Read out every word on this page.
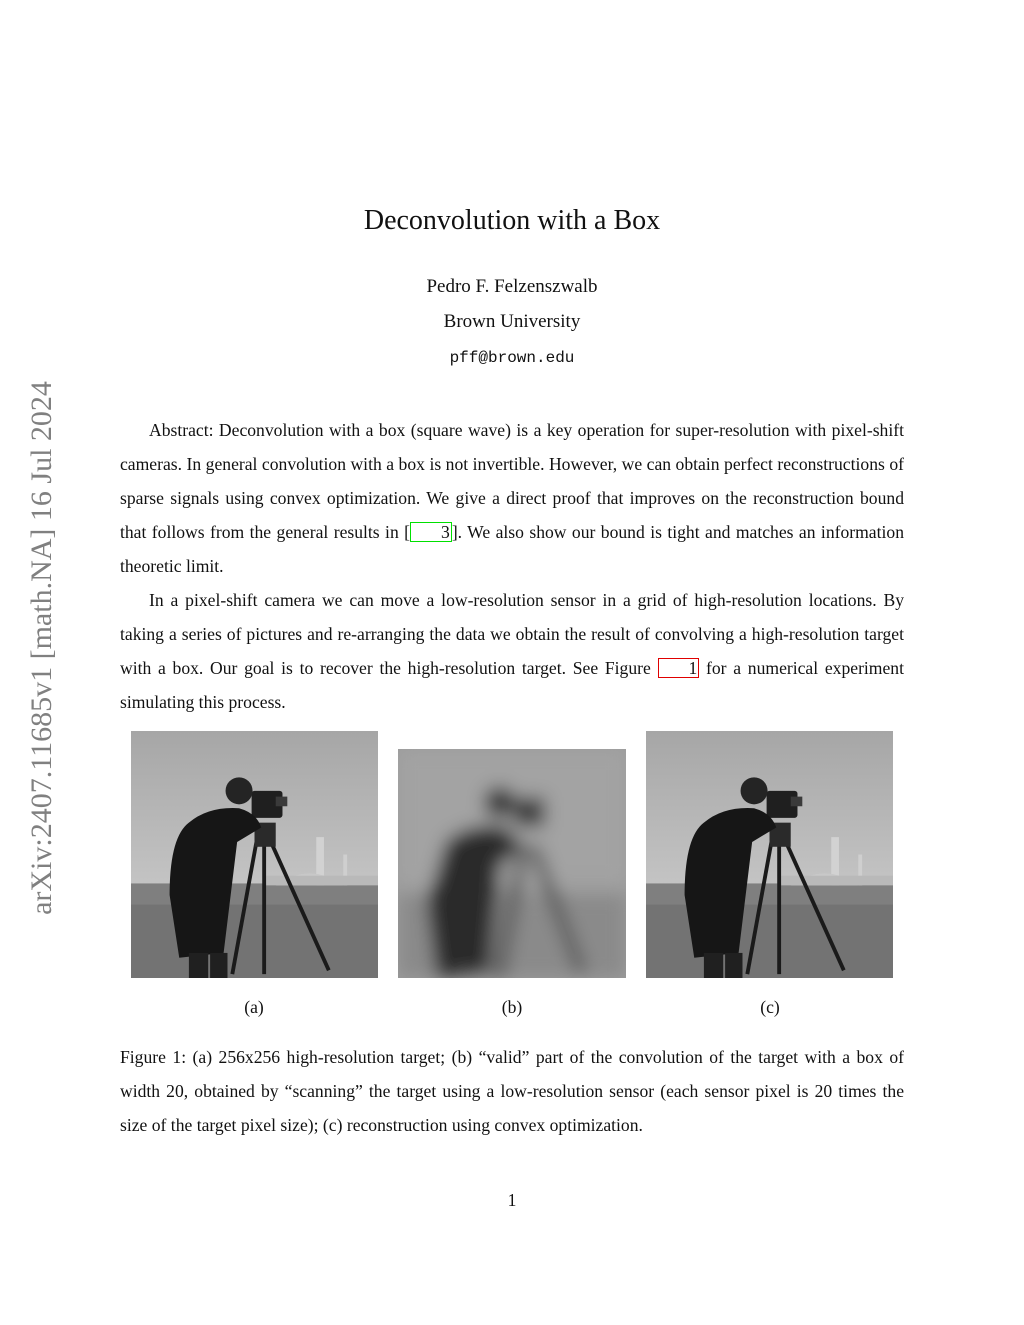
arXiv:2407.11685v1 [math.NA] 16 Jul 2024
Deconvolution with a Box
Pedro F. Felzenszwalb
Brown University
pff@brown.edu

Abstract: Deconvolution with a box (square wave) is a key operation for super-resolution with pixel-shift cameras. In general convolution with a box is not invertible. However, we can obtain perfect reconstructions of sparse signals using convex optimization. We give a direct proof that improves on the reconstruction bound that follows from the general results in [ 3 ]. We also show our bound is tight and matches an information theoretic limit.

In a pixel-shift camera we can move a low-resolution sensor in a grid of high-resolution locations. By taking a series of pictures and re-arranging the data we obtain the result of convolving a high-resolution target with a box. Our goal is to recover the high-resolution target. See Figure 1 for a numerical experiment simulating this process.

(a)	(b)	(c)

Figure 1: (a) 256x256 high-resolution target; (b) “valid” part of the convolution of the target with a box of width 20, obtained by “scanning” the target using a low-resolution sensor (each sensor pixel is 20 times the size of the target pixel size); (c) reconstruction using convex optimization.

1
